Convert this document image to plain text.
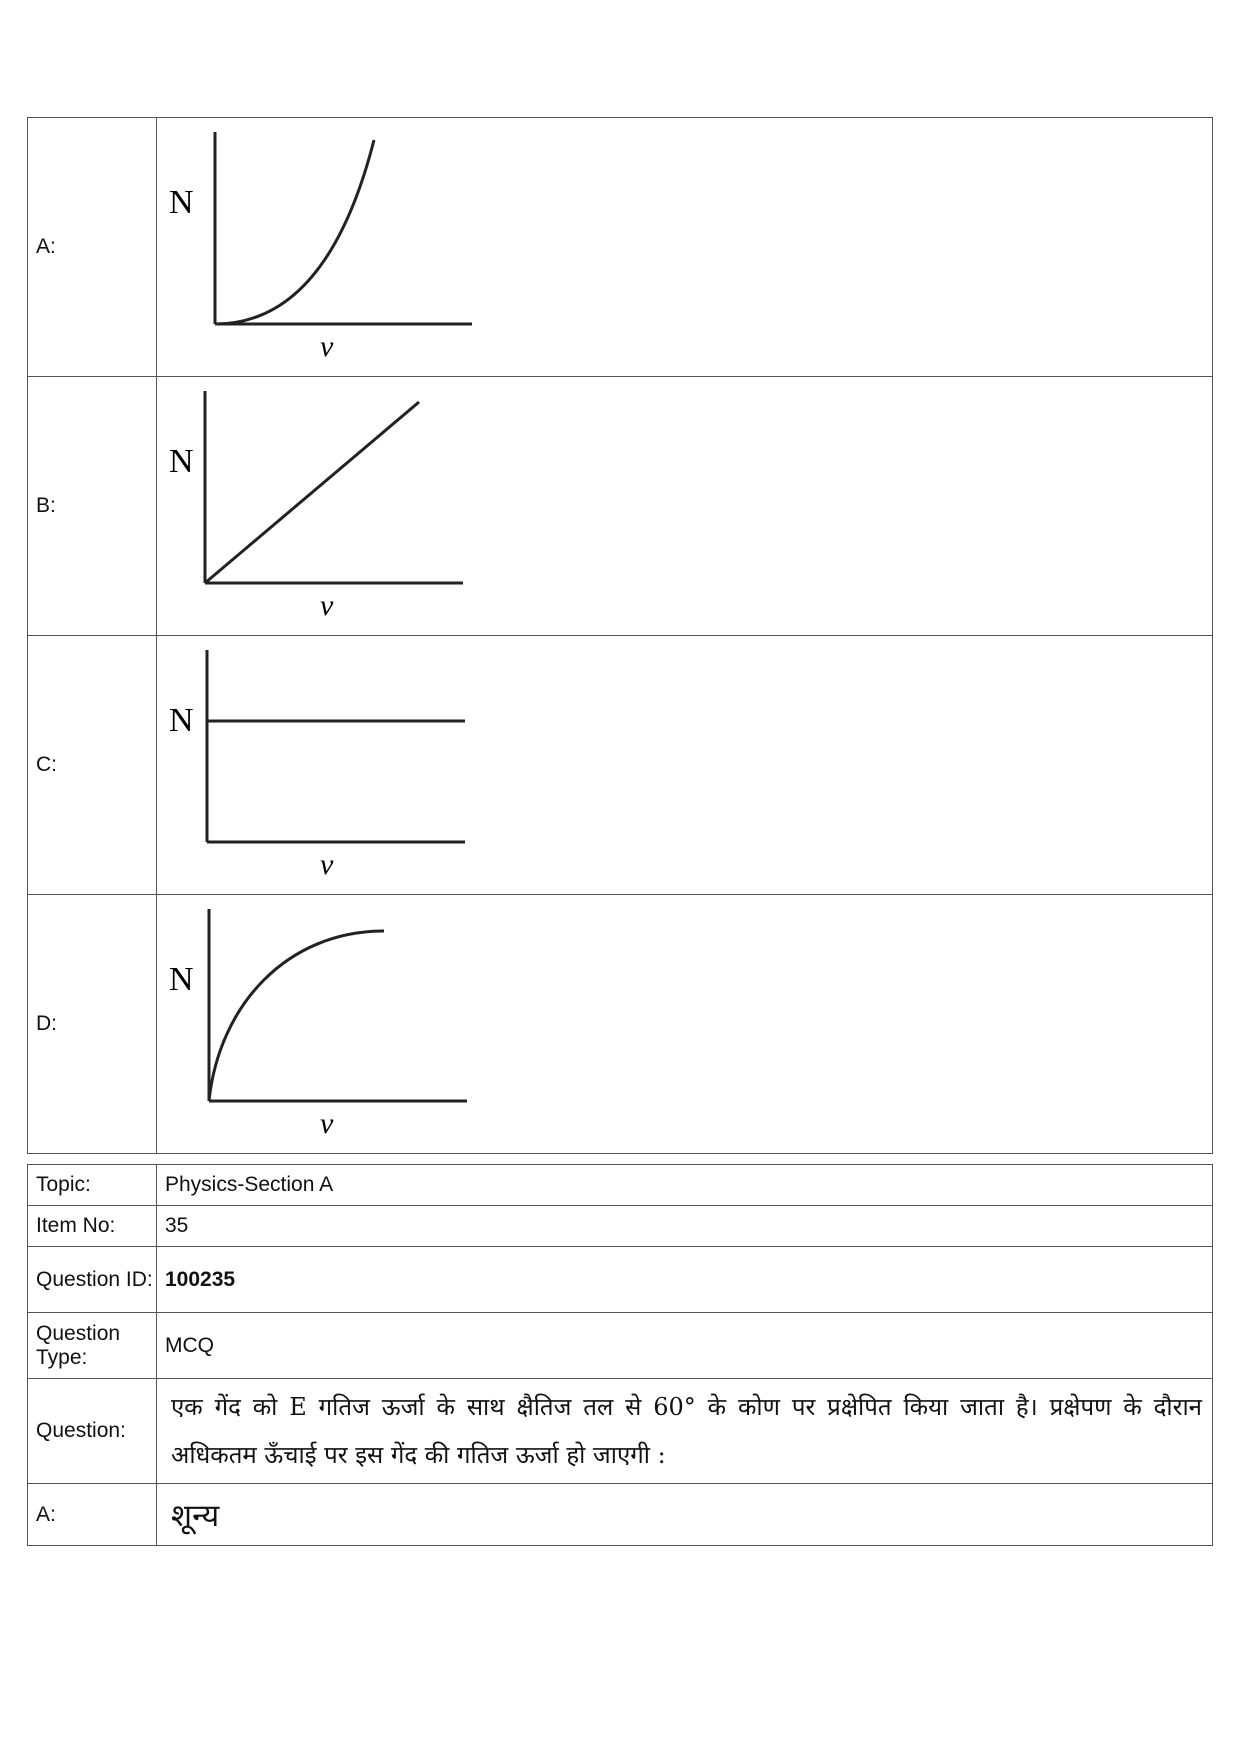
A:	N
ν

B:	N
ν

C:	N
ν

D:	N
ν
Topic:	Physics-Section A
Item No:	35
Question ID:	100235
Question Type:	MCQ
Question:	एक गेंद को E गतिज ऊर्जा के साथ क्षैतिज तल से 60° के कोण पर प्रक्षेपित किया जाता है। प्रक्षेपण के दौरान अधिकतम ऊँचाई पर इस गेंद की गतिज ऊर्जा हो जाएगी :
A:	शून्य
